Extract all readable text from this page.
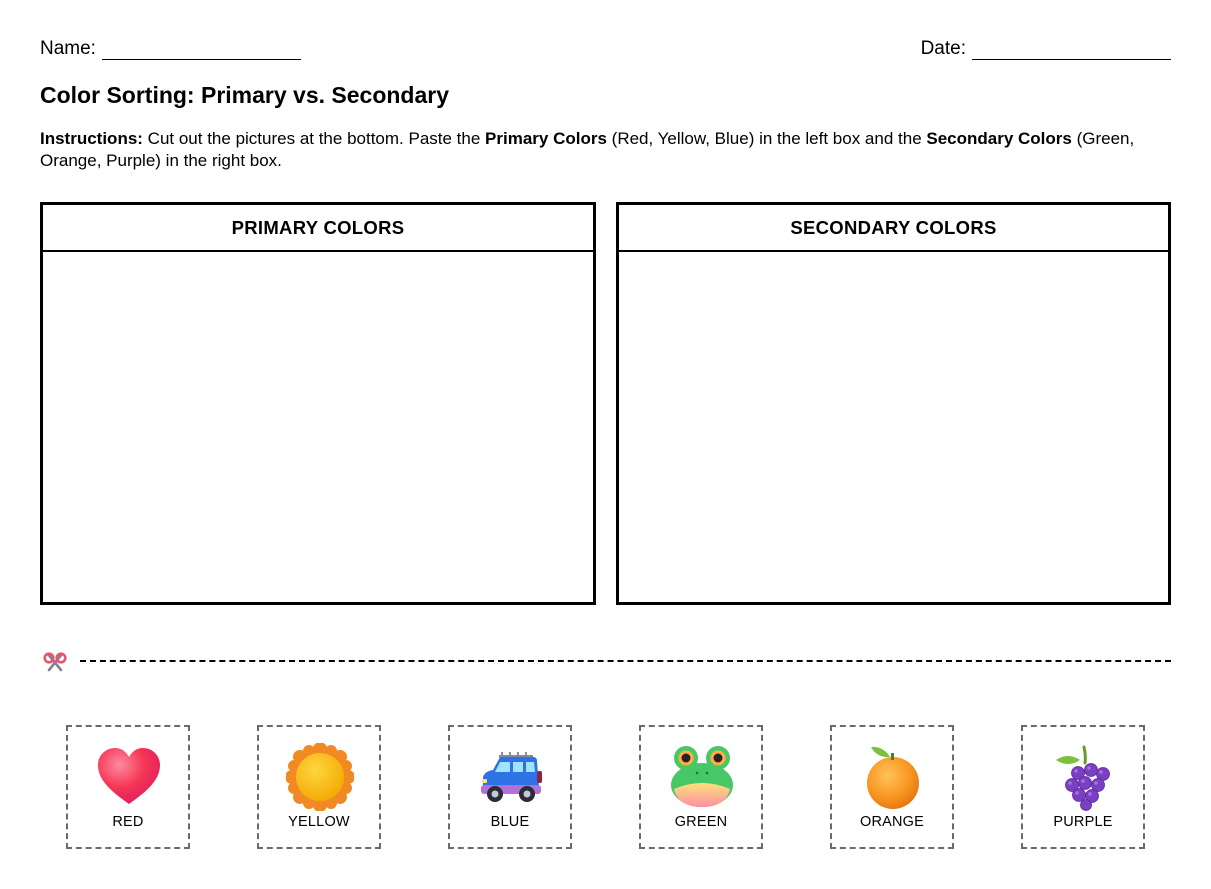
Name:	Date:
Color Sorting: Primary vs. Secondary

Instructions: Cut out the pictures at the bottom. Paste the Primary Colors (Red, Yellow, Blue) in the left box and the Secondary Colors (Green, Orange, Purple) in the right box.

PRIMARY COLORS	SECONDARY COLORS
RED	YELLOW	BLUE	GREEN	ORANGE	PURPLE
